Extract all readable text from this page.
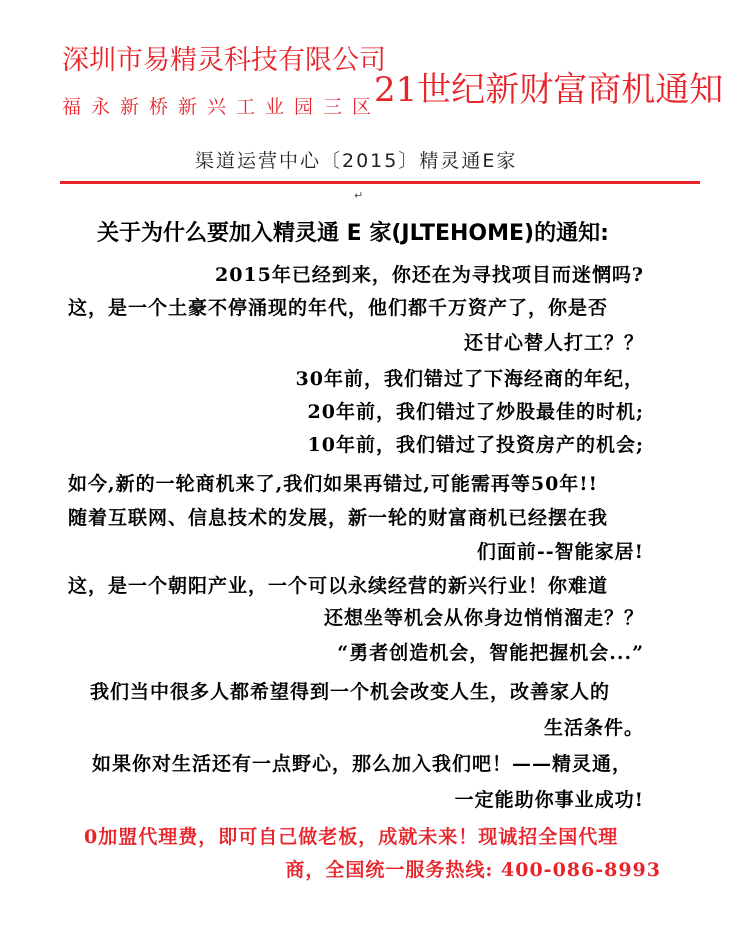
深圳市易精灵科技有限公司
福永新桥新兴工业园三区
21世纪新财富商机通知
渠道运营中心〔2015〕精灵通E家
↵
关于为什么要加入精灵通 E 家(JLTEHOME)的通知:
2015年已经到来，你还在为寻找项目而迷惘吗?
这，是一个土豪不停涌现的年代，他们都千万资产了，你是否
还甘心替人打工？？
30年前，我们错过了下海经商的年纪，
20年前，我们错过了炒股最佳的时机;
10年前，我们错过了投资房产的机会;
如今,新的一轮商机来了,我们如果再错过,可能需再等50年!!
随着互联网、信息技术的发展，新一轮的财富商机已经摆在我
们面前--智能家居!
这，是一个朝阳产业，一个可以永续经营的新兴行业！你难道
还想坐等机会从你身边悄悄溜走？？
“勇者创造机会，智能把握机会...”
我们当中很多人都希望得到一个机会改变人生，改善家人的
生活条件。
如果你对生活还有一点野心，那么加入我们吧！——精灵通，
一定能助你事业成功!
0加盟代理费，即可自己做老板，成就未来！现诚招全国代理
商，全国统一服务热线: 400-086-8993
